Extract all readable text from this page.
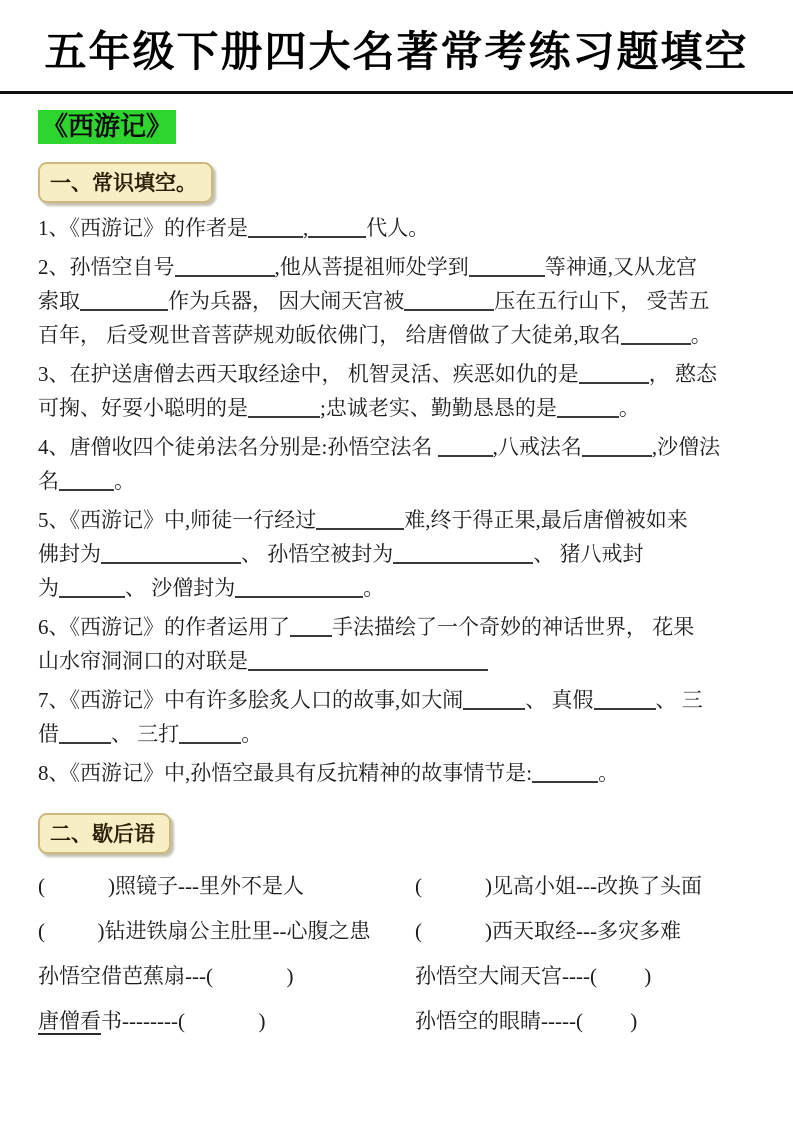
五年级下册四大名著常考练习题填空
《西游记》
一、常识填空。
1、《西游记》的作者是	,	代人。
2、孙悟空自号	,他从菩提祖师处学到	等神通,又从龙宫
索取	作为兵器， 因大闹天宫被	压在五行山下， 受苦五
百年， 后受观世音菩萨规劝皈依佛门， 给唐僧做了大徒弟,取名	。
3、在护送唐僧去西天取经途中， 机智灵活、疾恶如仇的是	， 憨态
可掬、好耍小聪明的是	;忠诚老实、勤勤恳恳的是	。
4、唐僧收四个徒弟法名分别是:孙悟空法名	,八戒法名	,沙僧法
名	。
5、《西游记》中,师徒一行经过	难,终于得正果,最后唐僧被如来
佛封为	、 孙悟空被封为	、 猪八戒封
为	、 沙僧封为	。
6、《西游记》的作者运用了 手法描绘了一个奇妙的神话世界， 花果
山水帘洞洞口的对联是
7、《西游记》中有许多脍炙人口的故事,如大闹	、 真假	、 三
借 、 三打	。
8、《西游记》中,孙悟空最具有反抗精神的故事情节是:	。
二、歇后语
(            )照镜子---里外不是人	(            )见高小姐---改换了头面
(          )钻进铁扇公主肚里--心腹之患	(            )西天取经---多灾多难
孙悟空借芭蕉扇---(              )	孙悟空大闹天宫----(         )
唐僧看书--------(              )	孙悟空的眼睛-----(         )
